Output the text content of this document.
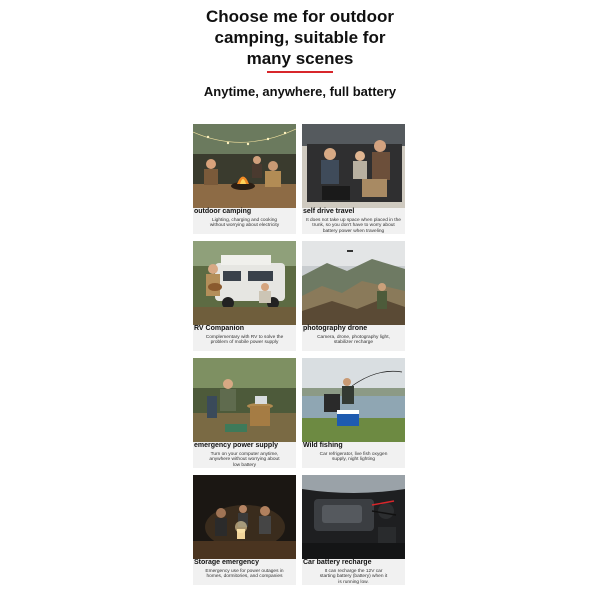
Choose me for outdoor
camping, suitable for
many scenes
Anytime, anywhere, full battery
outdoor camping
Lighting, charging and cooking
without worrying about electricity
self drive travel
It does not take up space when placed in the
trunk, so you don't have to worry about
battery power when traveling
RV Companion
Complementary with RV to solve the
problem of mobile power supply
photography drone
Camera, drone, photography light,
stabilizer recharge
emergency power supply
Turn on your computer anytime,
anywhere without worrying about
low battery
Wild fishing
Car refrigerator, live fish oxygen
supply, night lighting
Storage emergency
Emergency use for power outages in
homes, dormitories, and companies
Car battery recharge
It can recharge the 12V car
starting battery (battery) when it
is running low.
